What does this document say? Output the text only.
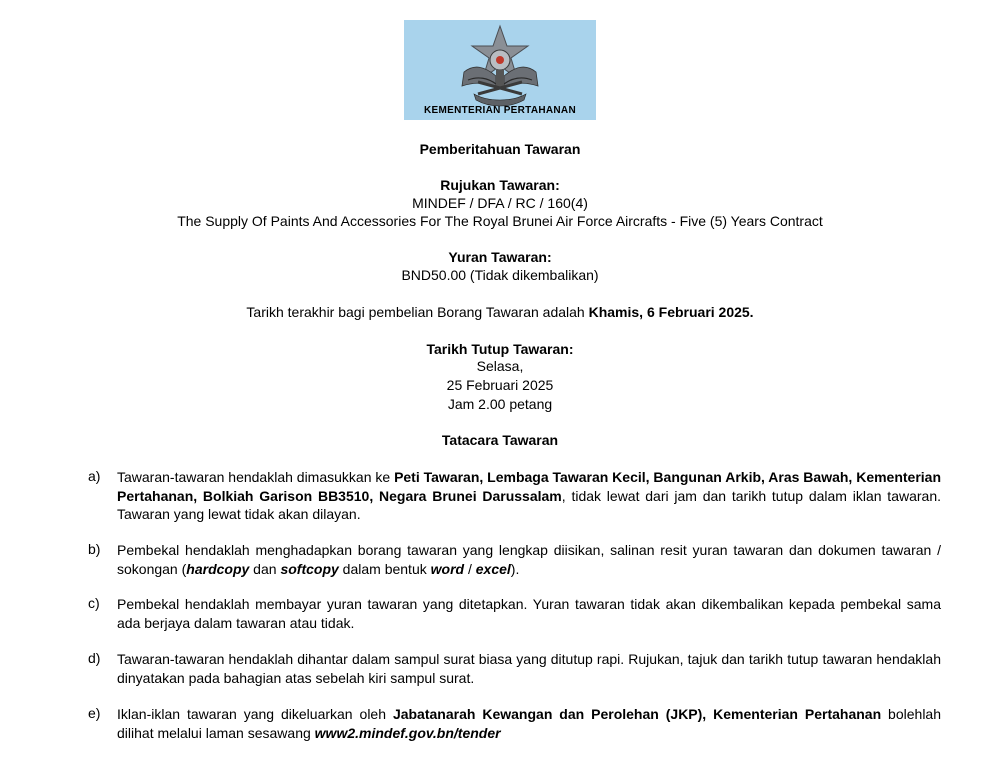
KEMENTERIAN PERTAHANAN
Pemberitahuan Tawaran
Rujukan Tawaran:
MINDEF / DFA / RC / 160(4)
The Supply Of Paints And Accessories For The Royal Brunei Air Force Aircrafts - Five (5) Years Contract
Yuran Tawaran:
BND50.00 (Tidak dikembalikan)
Tarikh terakhir bagi pembelian Borang Tawaran adalah Khamis, 6 Februari 2025.
Tarikh Tutup Tawaran:
Selasa,
25 Februari 2025
Jam 2.00 petang
Tatacara Tawaran
a) Tawaran-tawaran hendaklah dimasukkan ke Peti Tawaran, Lembaga Tawaran Kecil, Bangunan Arkib, Aras Bawah, Kementerian Pertahanan, Bolkiah Garison BB3510, Negara Brunei Darussalam, tidak lewat dari jam dan tarikh tutup dalam iklan tawaran. Tawaran yang lewat tidak akan dilayan.
b) Pembekal hendaklah menghadapkan borang tawaran yang lengkap diisikan, salinan resit yuran tawaran dan dokumen tawaran / sokongan (hardcopy dan softcopy dalam bentuk word / excel).
c) Pembekal hendaklah membayar yuran tawaran yang ditetapkan. Yuran tawaran tidak akan dikembalikan kepada pembekal sama ada berjaya dalam tawaran atau tidak.
d) Tawaran-tawaran hendaklah dihantar dalam sampul surat biasa yang ditutup rapi. Rujukan, tajuk dan tarikh tutup tawaran hendaklah dinyatakan pada bahagian atas sebelah kiri sampul surat.
e) Iklan-iklan tawaran yang dikeluarkan oleh Jabatanarah Kewangan dan Perolehan (JKP), Kementerian Pertahanan bolehlah dilihat melalui laman sesawang www2.mindef.gov.bn/tender
